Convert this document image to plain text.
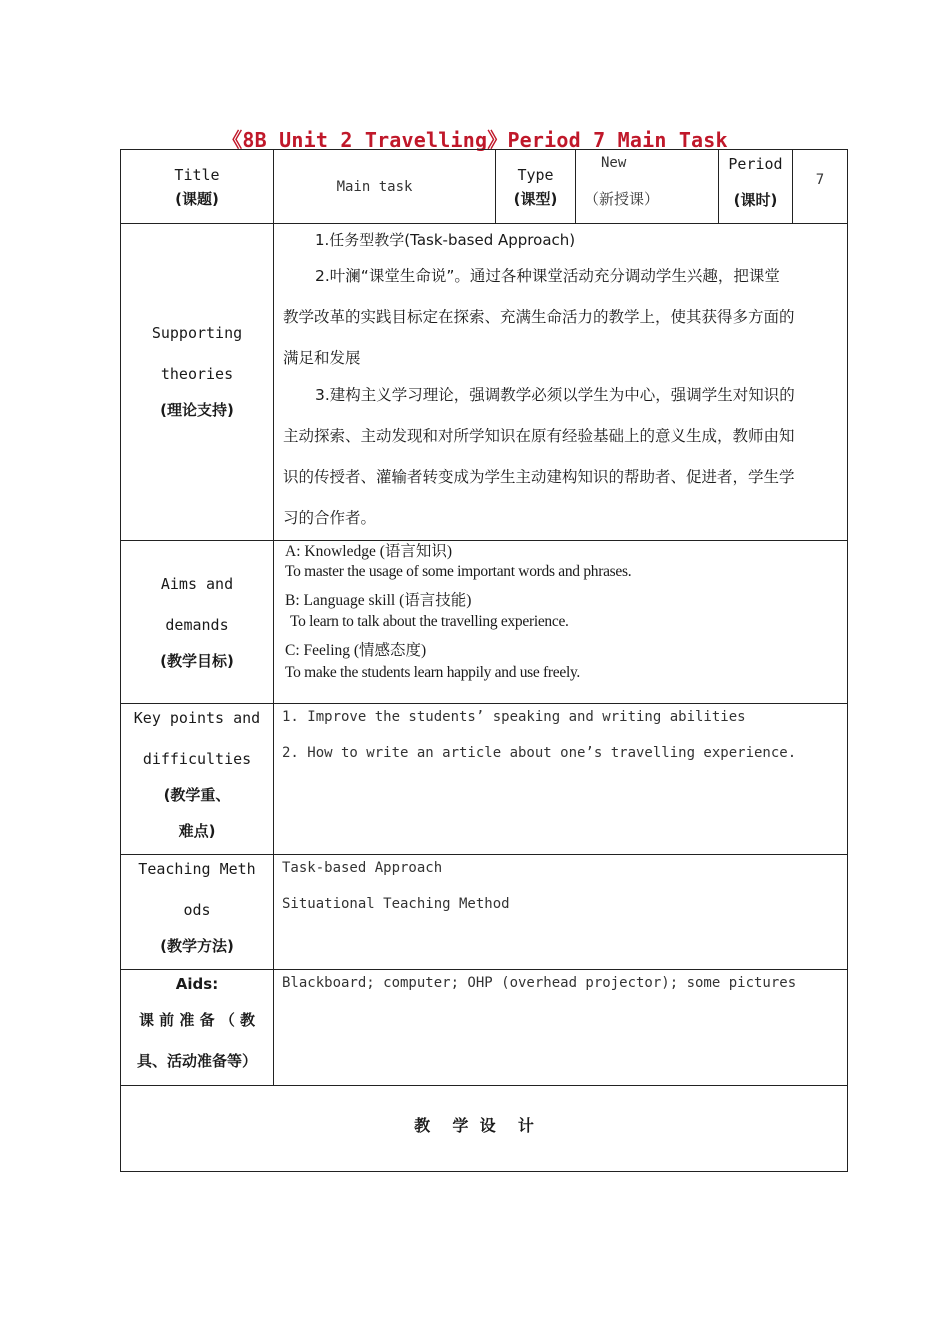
《8B Unit 2 Travelling》Period 7 Main Task
Title
(课题)
Main task
Type
(课型)
New
（新授课）
Period
(课时)
7
Supporting
theories
(理论支持)
1.任务型教学(Task-based Approach)
2.叶澜“课堂生命说”。通过各种课堂活动充分调动学生兴趣，把课堂
教学改革的实践目标定在探索、充满生命活力的教学上，使其获得多方面的
满足和发展
3.建构主义学习理论，强调教学必须以学生为中心，强调学生对知识的
主动探索、主动发现和对所学知识在原有经验基础上的意义生成，教师由知
识的传授者、灌输者转变成为学生主动建构知识的帮助者、促进者，学生学
习的合作者。
Aims and
demands
(教学目标)
A: Knowledge (语言知识)
To master the usage of some important words and phrases.
B: Language skill (语言技能)
To learn to talk about the travelling experience.
C: Feeling (情感态度)
To make the students learn happily and use freely.
Key points and
difficulties
(教学重、
难点)
1. Improve the students’ speaking and writing abilities
2. How to write an article about one’s travelling experience.
Teaching Meth
ods
(教学方法)
Task-based Approach
Situational Teaching Method
Aids:
课 前 准 备 （ 教
具、活动准备等）
Blackboard; computer; OHP (overhead projector); some pictures
教    学  设    计
